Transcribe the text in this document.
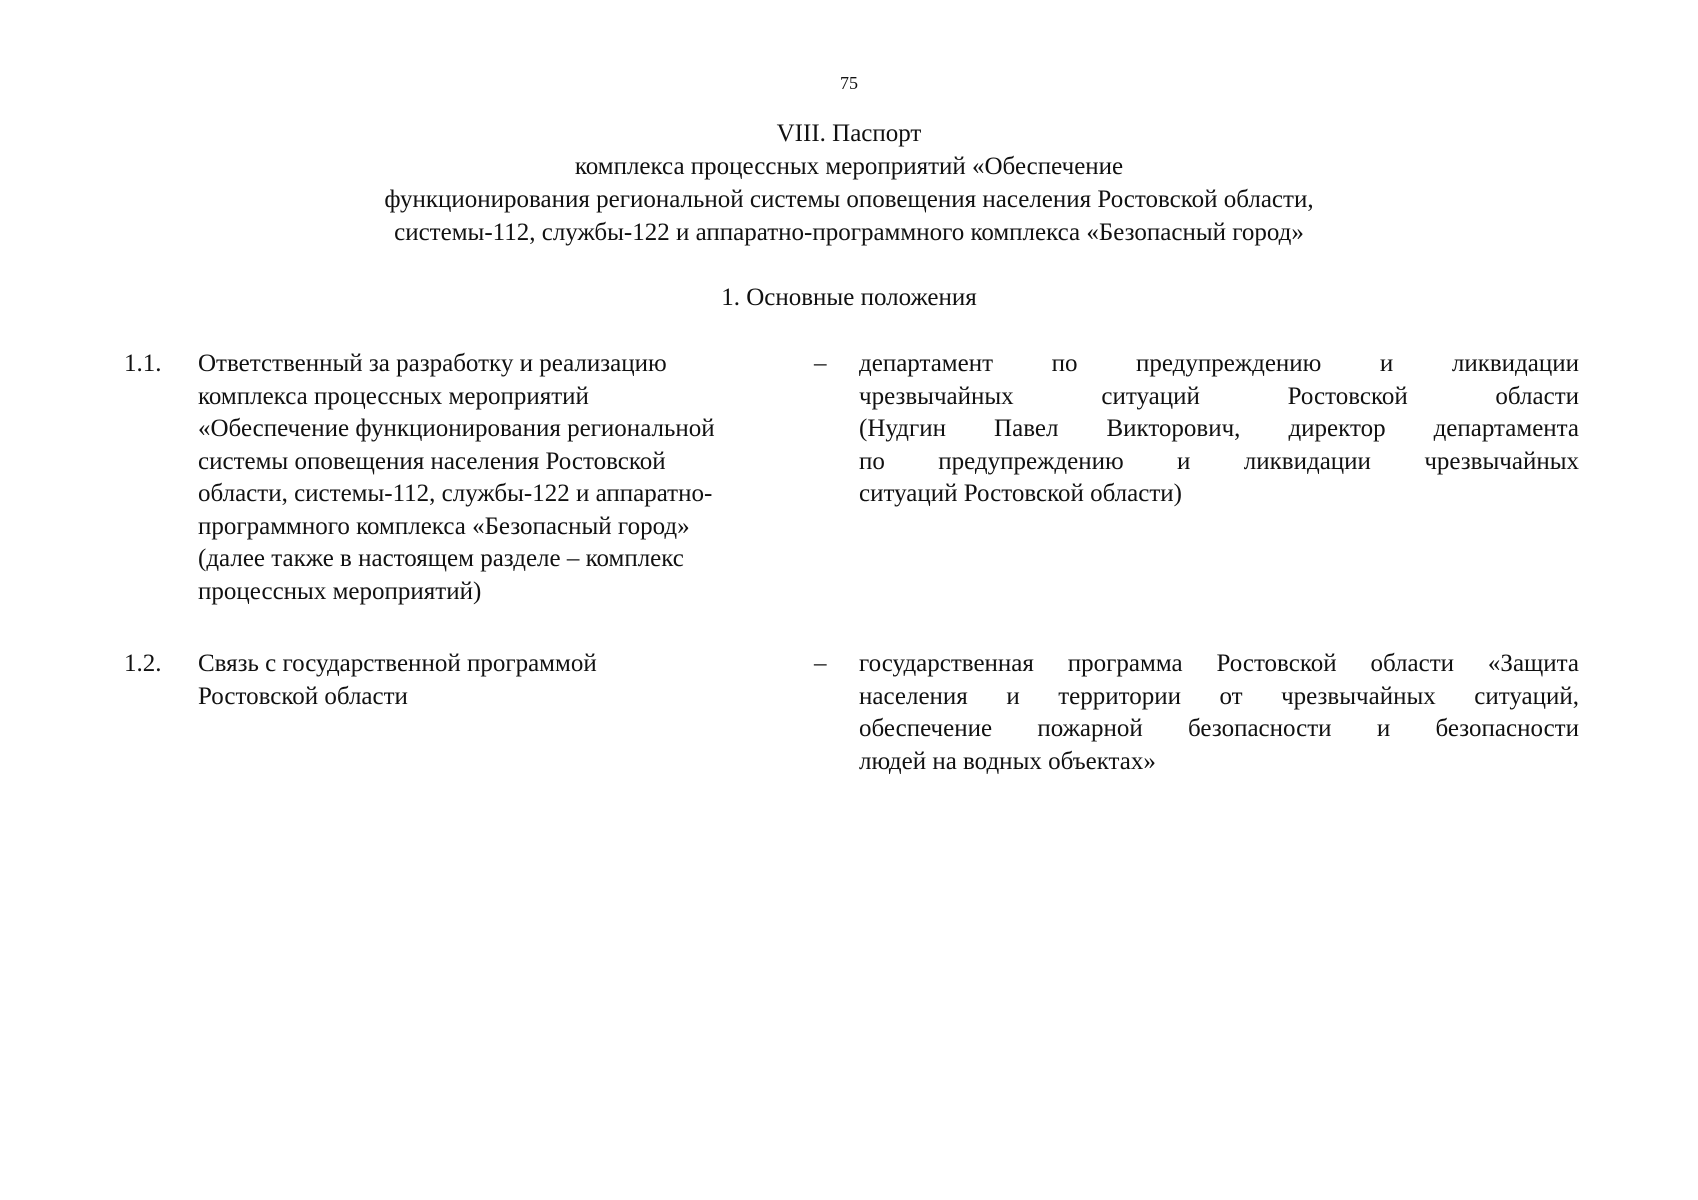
75
VIII. Паспорт
комплекса процессных мероприятий «Обеспечение
функционирования региональной системы оповещения населения Ростовской области,
системы-112, службы-122 и аппаратно-программного комплекса «Безопасный город»
1. Основные положения
1.1. Ответственный за разработку и реализацию
комплекса процессных мероприятий
«Обеспечение функционирования региональной
системы оповещения населения Ростовской
области, системы-112, службы-122 и аппаратно-
программного комплекса «Безопасный город»
(далее также в настоящем разделе – комплекс
процессных мероприятий)
– департамент по предупреждению и ликвидации
чрезвычайных ситуаций Ростовской области
(Нудгин Павел Викторович, директор департамента
по предупреждению и ликвидации чрезвычайных
ситуаций Ростовской области)
1.2. Связь с государственной программой
Ростовской области
– государственная программа Ростовской области «Защита
населения и территории от чрезвычайных ситуаций,
обеспечение пожарной безопасности и безопасности
людей на водных объектах»
